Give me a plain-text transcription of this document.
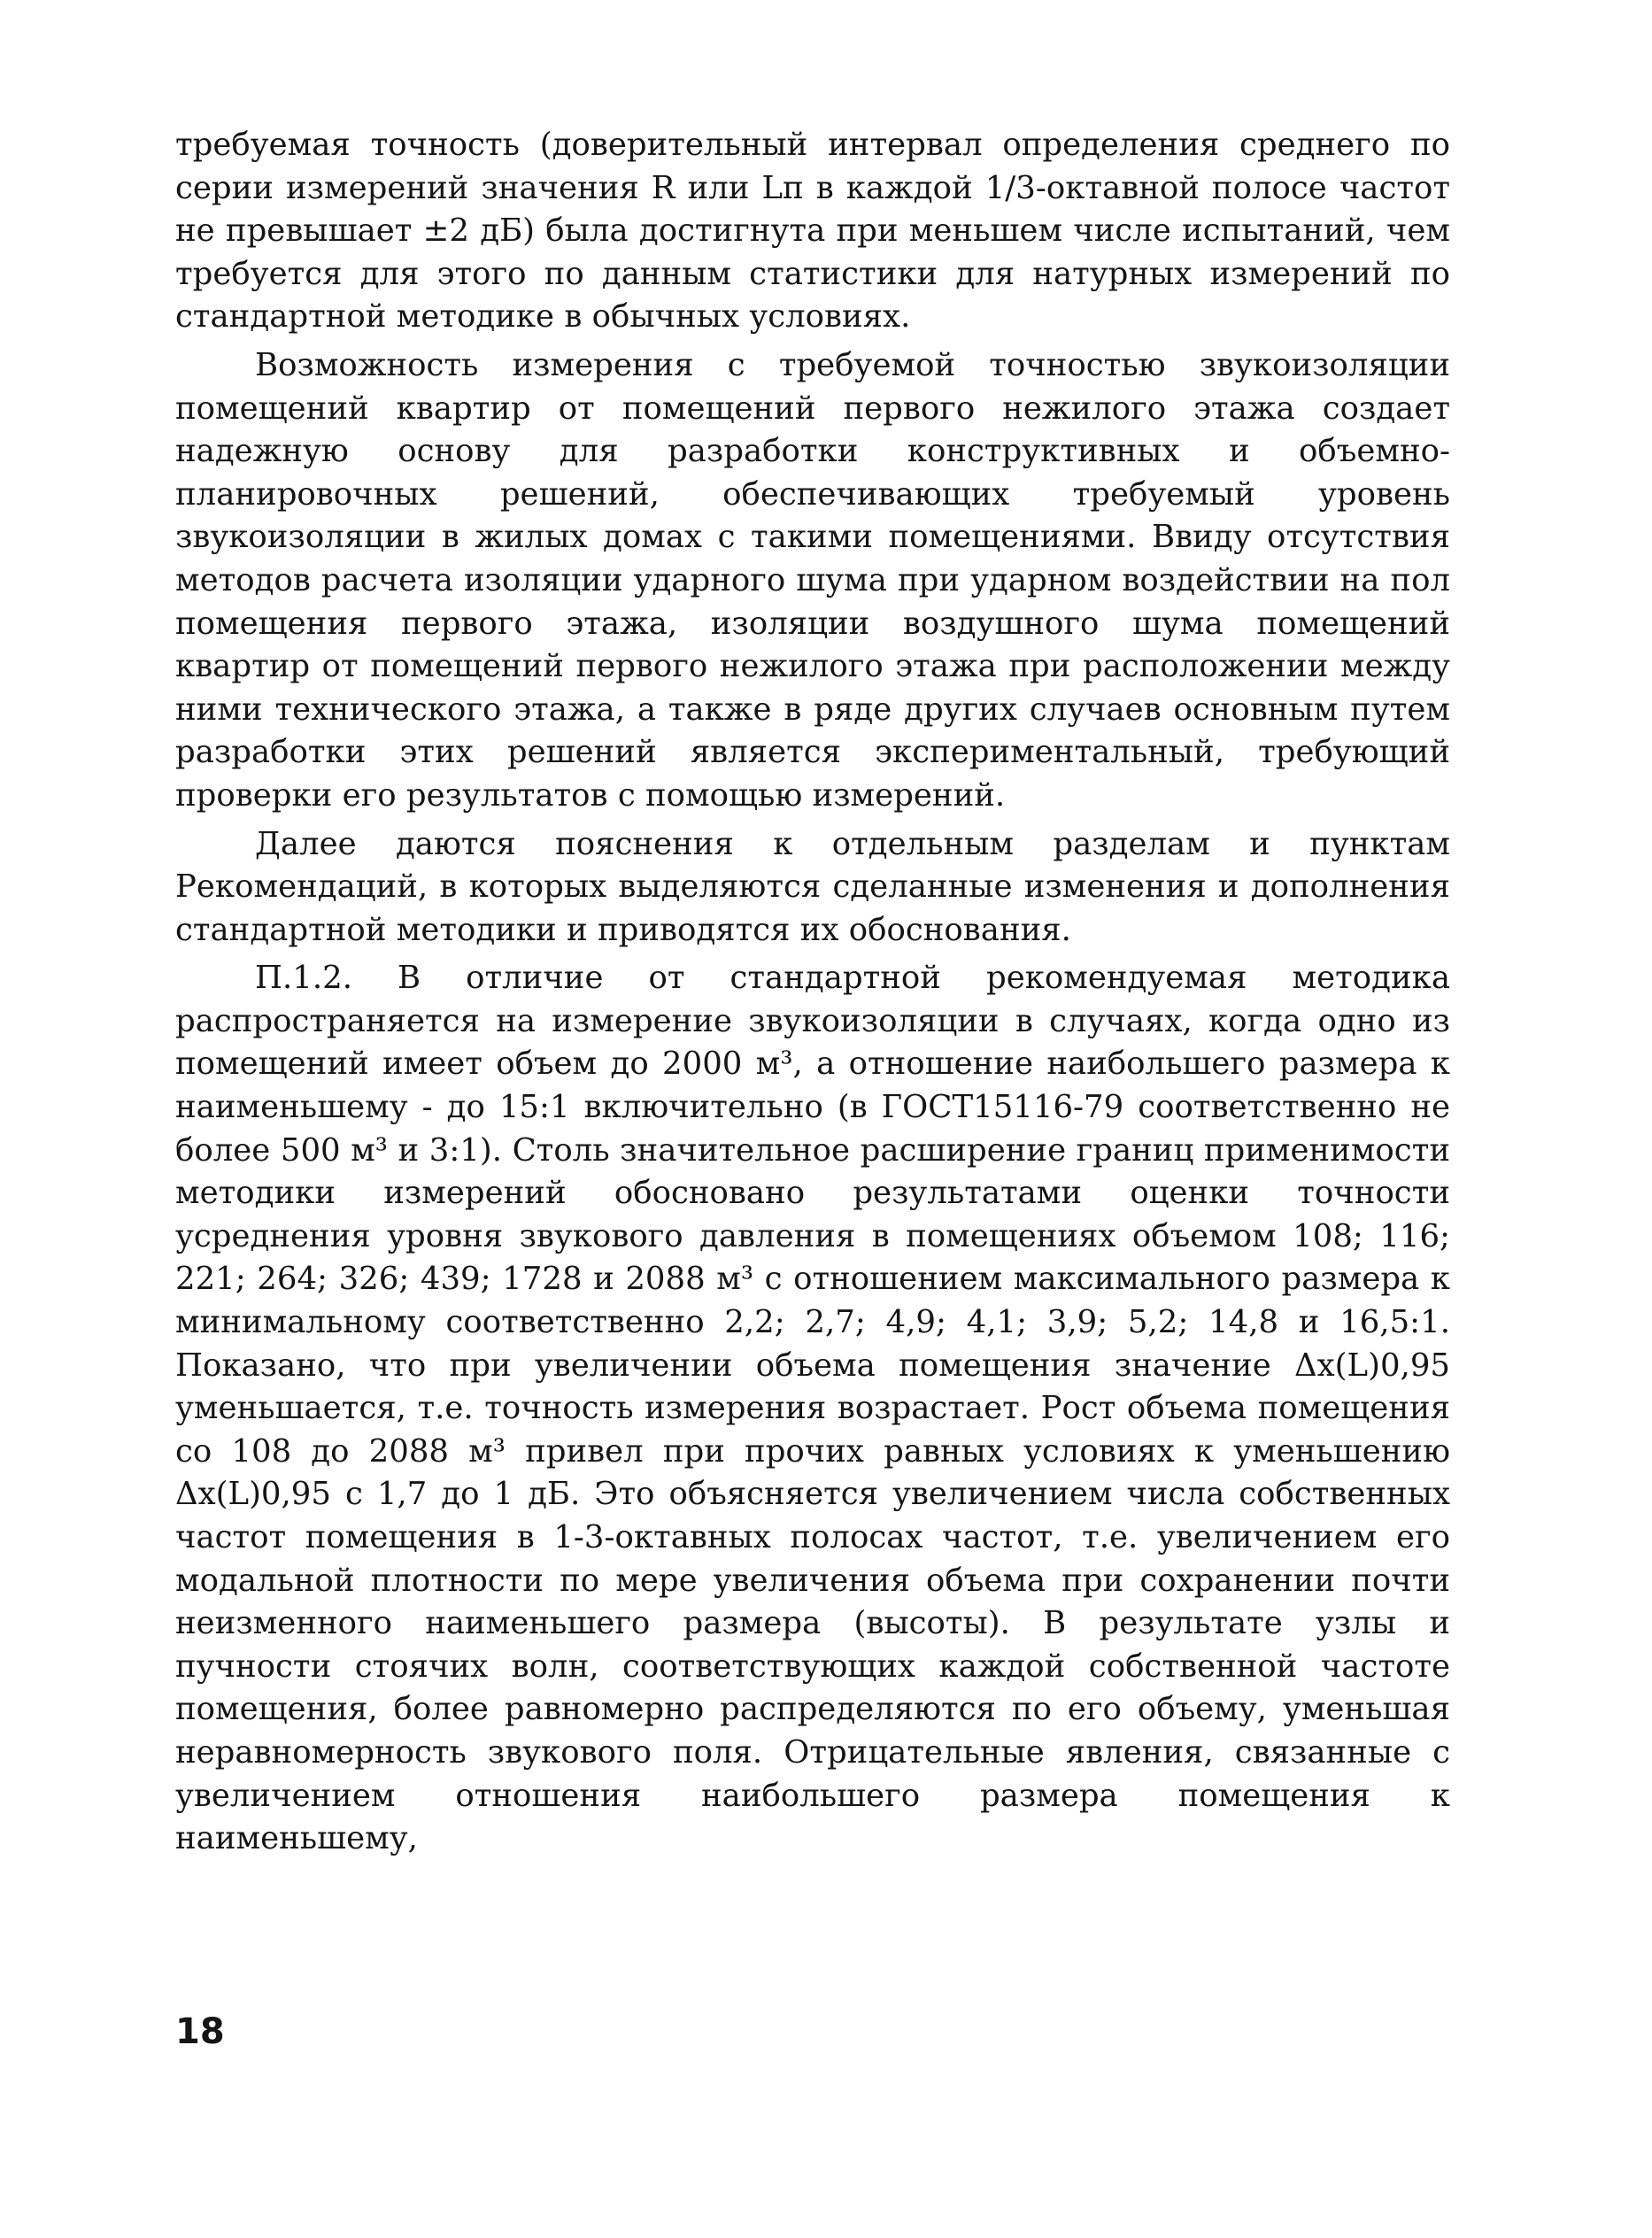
требуемая точность (доверительный интервал определения среднего по серии измерений значения R или Lп в каждой 1/3-октавной полосе частот не превышает ±2 дБ) была достигнута при меньшем числе испытаний, чем требуется для этого по данным статистики для натурных измерений по стандартной методике в обычных условиях.

Возможность измерения с требуемой точностью звукоизоляции помещений квартир от помещений первого нежилого этажа создает надежную основу для разработки конструктивных и объемно-планировочных решений, обеспечивающих требуемый уровень звукоизоляции в жилых домах с такими помещениями. Ввиду отсутствия методов расчета изоляции ударного шума при ударном воздействии на пол помещения первого этажа, изоляции воздушного шума помещений квартир от помещений первого нежилого этажа при расположении между ними технического этажа, а также в ряде других случаев основным путем разработки этих решений является экспериментальный, требующий проверки его результатов с помощью измерений.

Далее даются пояснения к отдельным разделам и пунктам Рекомендаций, в которых выделяются сделанные изменения и дополнения стандартной методики и приводятся их обоснования.

П.1.2. В отличие от стандартной рекомендуемая методика распространяется на измерение звукоизоляции в случаях, когда одно из помещений имеет объем до 2000 м³, а отношение наибольшего размера к наименьшему - до 15:1 включительно (в ГОСТ15116-79 соответственно не более 500 м³ и 3:1). Столь значительное расширение границ применимости методики измерений обосновано результатами оценки точности усреднения уровня звукового давления в помещениях объемом 108; 116; 221; 264; 326; 439; 1728 и 2088 м³ с отношением максимального размера к минимальному соответственно 2,2; 2,7; 4,9; 4,1; 3,9; 5,2; 14,8 и 16,5:1. Показано, что при увеличении объема помещения значение Δx(L)0,95 уменьшается, т.е. точность измерения возрастает. Рост объема помещения со 108 до 2088 м³ привел при прочих равных условиях к уменьшению Δx(L)0,95 с 1,7 до 1 дБ. Это объясняется увеличением числа собственных частот помещения в 1-3-октавных полосах частот, т.е. увеличением его модальной плотности по мере увеличения объема при сохранении почти неизменного наименьшего размера (высоты). В результате узлы и пучности стоячих волн, соответствующих каждой собственной частоте помещения, более равномерно распределяются по его объему, уменьшая неравномерность звукового поля. Отрицательные явления, связанные с увеличением отношения наибольшего размера помещения к наименьшему,

18
